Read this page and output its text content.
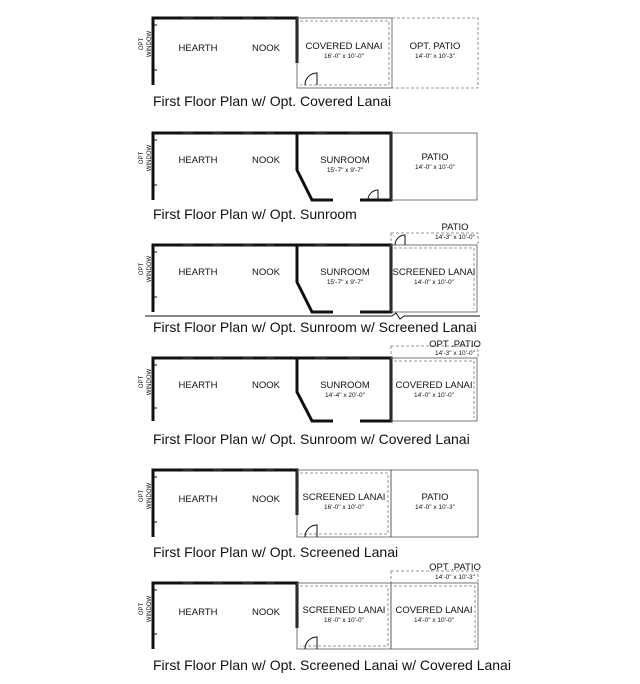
OPT WINDOW	HEARTH	NOOK	COVERED LANAI
16'-0" x 10'-0"
OPT. PATIO
14'-0" x 10'-3"
First Floor Plan w/ Opt. Covered Lanai
OPT WINDOW	HEARTH	NOOK	SUNROOM
15'-7" x 9'-7"
PATIO
14'-0" x 10'-0"
First Floor Plan w/ Opt. Sunroom
PATIO
14'-3" x 10'-0"
OPT WINDOW	HEARTH	NOOK	SUNROOM
15'-7" x 9'-7"
SCREENED LANAI
14'-0" x 10'-0"
First Floor Plan w/ Opt. Sunroom w/ Screened Lanai
OPT .PATIO
14'-3" x 10'-0"
OPT WINDOW	HEARTH	NOOK	SUNROOM
14'-4" x 20'-0"
COVERED LANAI
14'-0" x 10'-0"
First Floor Plan w/ Opt. Sunroom w/ Covered Lanai
OPT WINDOW	HEARTH	NOOK SCREENED LANAI
16'-0" x 10'-0"
PATIO
14'-0" x 10'-3"
First Floor Plan w/ Opt. Screened Lanai
OPT .PATIO
14'-0" x 10'-3"
OPT WINDOW	HEARTH	NOOK SCREENED LANAI
16'-0" x 10'-0"
COVERED LANAI
14'-0" x 10'-0"
First Floor Plan w/ Opt. Screened Lanai w/ Covered Lanai
